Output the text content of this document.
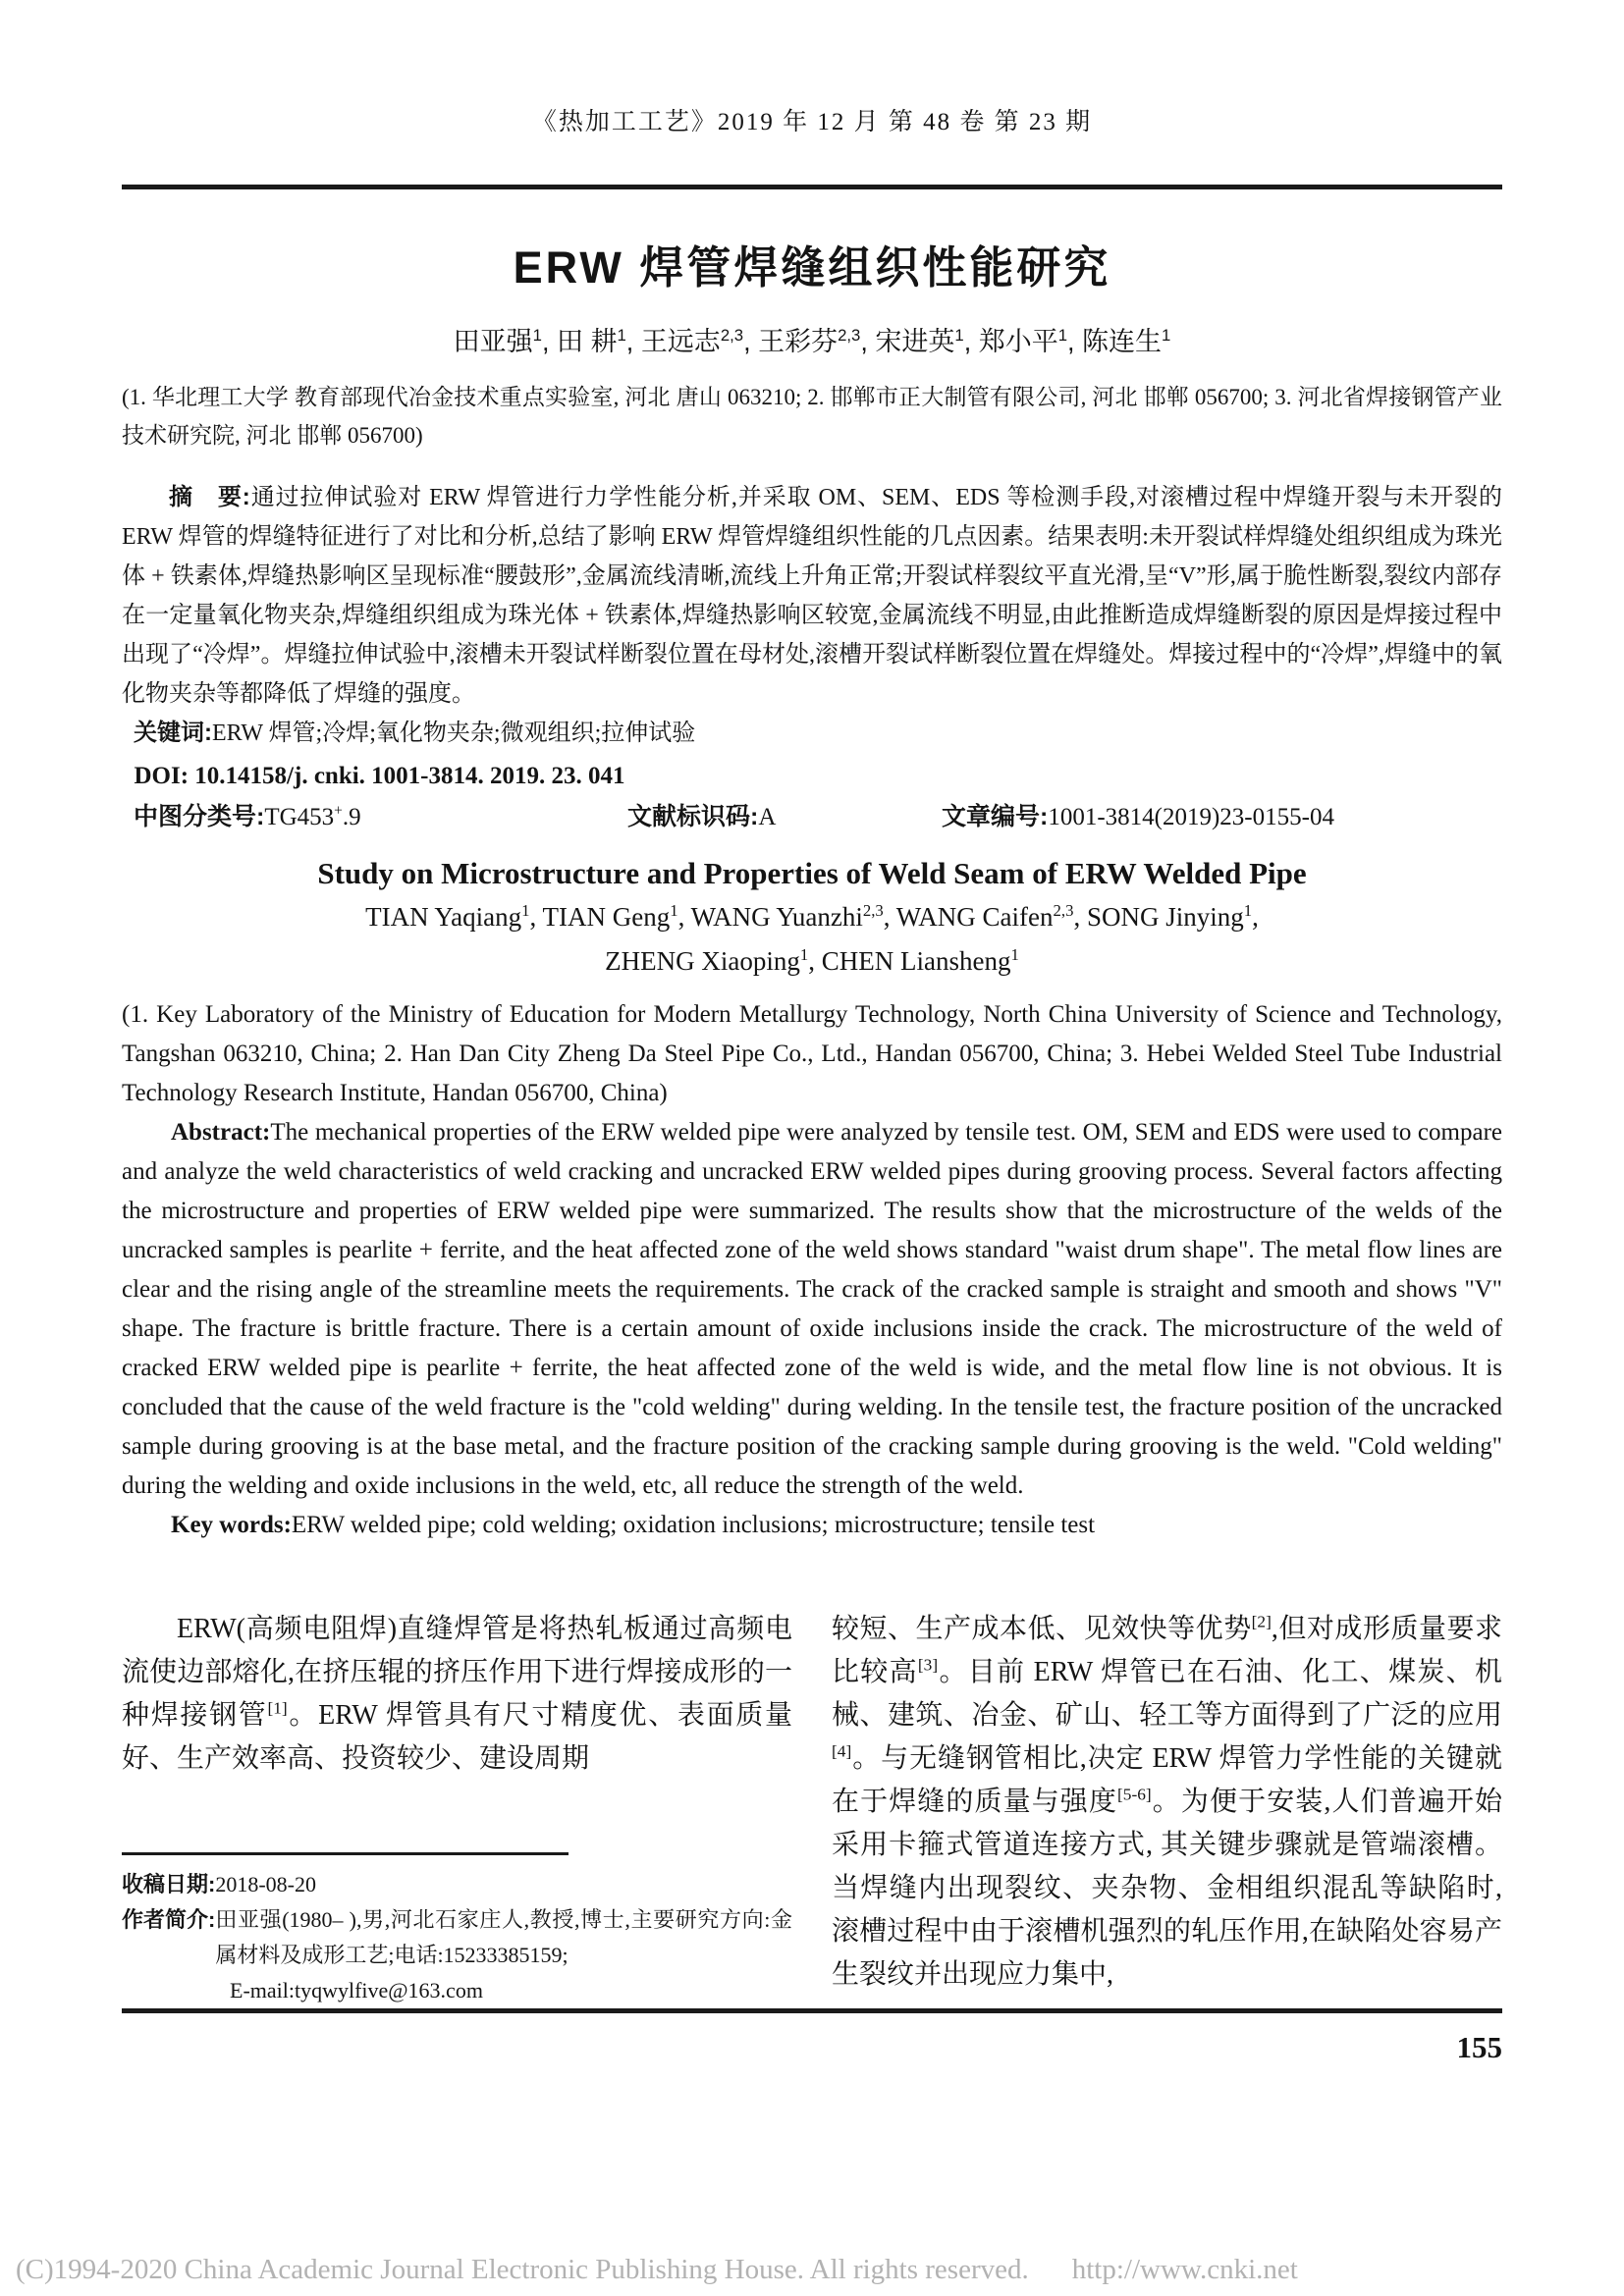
《热加工工艺》2019 年 12 月 第 48 卷 第 23 期
ERW 焊管焊缝组织性能研究
田亚强$^1$, 田 耕$^1$, 王远志$^{2,3}$, 王彩芬$^{2,3}$, 宋进英$^1$, 郑小平$^1$, 陈连生$^1$
(1. 华北理工大学 教育部现代冶金技术重点实验室, 河北 唐山 063210; 2. 邯郸市正大制管有限公司, 河北 邯郸 056700; 3. 河北省焊接钢管产业技术研究院, 河北 邯郸 056700)

摘　要:通过拉伸试验对 ERW 焊管进行力学性能分析,并采取 OM、SEM、EDS 等检测手段,对滚槽过程中焊缝开裂与未开裂的 ERW 焊管的焊缝特征进行了对比和分析,总结了影响 ERW 焊管焊缝组织性能的几点因素。结果表明:未开裂试样焊缝处组织组成为珠光体 + 铁素体,焊缝热影响区呈现标准“腰鼓形”,金属流线清晰,流线上升角正常;开裂试样裂纹平直光滑,呈“V”形,属于脆性断裂,裂纹内部存在一定量氧化物夹杂,焊缝组织组成为珠光体 + 铁素体,焊缝热影响区较宽,金属流线不明显,由此推断造成焊缝断裂的原因是焊接过程中出现了“冷焊”。焊缝拉伸试验中,滚槽未开裂试样断裂位置在母材处,滚槽开裂试样断裂位置在焊缝处。焊接过程中的“冷焊”,焊缝中的氧化物夹杂等都降低了焊缝的强度。

关键词:ERW 焊管;冷焊;氧化物夹杂;微观组织;拉伸试验

DOI: 10.14158/j. cnki. 1001-3814. 2019. 23. 041

中图分类号:TG453+.9	文献标识码:A	文章编号:1001-3814(2019)23-0155-04
Study on Microstructure and Properties of Weld Seam of ERW Welded Pipe
TIAN Yaqiang$^1$, TIAN Geng$^1$, WANG Yuanzhi$^{2,3}$, WANG Caifen$^{2,3}$, SONG Jinying$^1$,
ZHENG Xiaoping$^1$, CHEN Liansheng$^1$
(1. Key Laboratory of the Ministry of Education for Modern Metallurgy Technology, North China University of Science and Technology, Tangshan 063210, China; 2. Han Dan City Zheng Da Steel Pipe Co., Ltd., Handan 056700, China; 3. Hebei Welded Steel Tube Industrial Technology Research Institute, Handan 056700, China)

Abstract:The mechanical properties of the ERW welded pipe were analyzed by tensile test. OM, SEM and EDS were used to compare and analyze the weld characteristics of weld cracking and uncracked ERW welded pipes during grooving process. Several factors affecting the microstructure and properties of ERW welded pipe were summarized. The results show that the microstructure of the welds of the uncracked samples is pearlite + ferrite, and the heat affected zone of the weld shows standard "waist drum shape". The metal flow lines are clear and the rising angle of the streamline meets the requirements. The crack of the cracked sample is straight and smooth and shows "V" shape. The fracture is brittle fracture. There is a certain amount of oxide inclusions inside the crack. The microstructure of the weld of cracked ERW welded pipe is pearlite + ferrite, the heat affected zone of the weld is wide, and the metal flow line is not obvious. It is concluded that the cause of the weld fracture is the "cold welding" during welding. In the tensile test, the fracture position of the uncracked sample during grooving is at the base metal, and the fracture position of the cracking sample during grooving is the weld. "Cold welding" during the welding and oxide inclusions in the weld, etc, all reduce the strength of the weld.

Key words:ERW welded pipe; cold welding; oxidation inclusions; microstructure; tensile test

ERW(高频电阻焊)直缝焊管是将热轧板通过高频电流使边部熔化,在挤压辊的挤压作用下进行焊接成形的一种焊接钢管[1]。ERW 焊管具有尺寸精度优、表面质量好、生产效率高、投资较少、建设周期

收稿日期:2018-08-20
作者简介: 田亚强(1980– ),男,河北石家庄人,教授,博士,主要研究方向:金属材料及成形工艺;电话:15233385159;
E-mail:tyqwylfive@163.com

较短、生产成本低、见效快等优势[2],但对成形质量要求比较高[3]。目前 ERW 焊管已在石油、化工、煤炭、机械、建筑、冶金、矿山、轻工等方面得到了广泛的应用[4]。与无缝钢管相比,决定 ERW 焊管力学性能的关键就在于焊缝的质量与强度[5-6]。为便于安装,人们普遍开始采用卡箍式管道连接方式, 其关键步骤就是管端滚槽。当焊缝内出现裂纹、夹杂物、金相组织混乱等缺陷时, 滚槽过程中由于滚槽机强烈的轧压作用,在缺陷处容易产生裂纹并出现应力集中,

155
(C)1994-2020 China Academic Journal Electronic Publishing House. All rights reserved. http://www.cnki.net
